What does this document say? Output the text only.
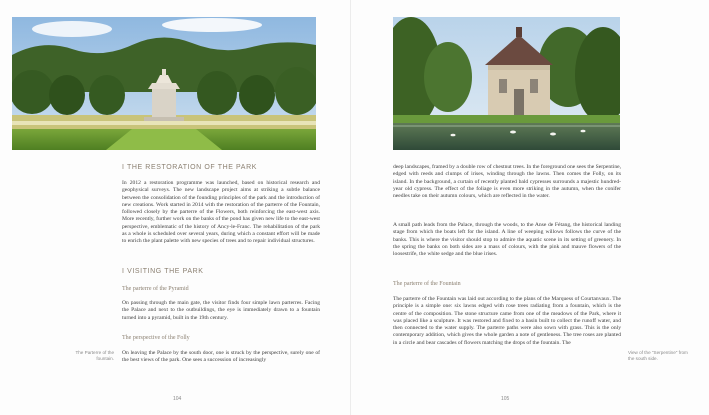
I THE RESTORATION OF THE PARK

In 2012 a restoration programme was launched, based on historical research and geophysical surveys. The new landscape project aims at striking a subtle balance between the consolidation of the founding principles of the park and the introduction of new creations. Work started in 2014 with the restoration of the parterre of the Fountain, followed closely by the parterre of the Flowers, both reinforcing the east-west axis. More recently, further work on the banks of the pond has given new life to the east-west perspective, emblematic of the history of Ancy-le-Franc. The rehabilitation of the park as a whole is scheduled over several years, during which a constant effort will be made to enrich the plant palette with new species of trees and to repair individual structures.

I VISITING THE PARK
The parterre of the Pyramid

On passing through the main gate, the visitor finds four simple lawn parterres. Facing the Palace and next to the outbuildings, the eye is immediately drawn to a fountain turned into a pyramid, built in the 19th century.

The perspective of the Folly

On leaving the Palace by the south door, one is struck by the perspective, surely one of the best views of the park. One sees a succession of increasingly

The Parterre of the fountain.
104

deep landscapes, framed by a double row of chestnut trees. In the foreground one sees the Serpentine, edged with reeds and clumps of irises, winding through the lawns. Then comes the Folly, on its island. In the background, a curtain of recently planted bald cypresses surrounds a majestic hundred-year old cypress. The effect of the foliage is even more striking in the autumn, when the conifer needles take on their autumn colours, which are reflected in the water.

A small path leads from the Palace, through the woods, to the Anse de Fétang, the historical landing stage from which the boats left for the island. A line of weeping willows follows the curve of the banks. This is where the visitor should stop to admire the aquatic scene in its setting of greenery. In the spring the banks on both sides are a mass of colours, with the pink and mauve flowers of the loosestrife, the white sedge and the blue irises.

The parterre of the Fountain

The parterre of the Fountain was laid out according to the plans of the Marquess of Courtanvaux. The principle is a simple one: six lawns edged with rose trees radiating from a fountain, which is the centre of the composition. The stone structure came from one of the meadows of the Park, where it was placed like a sculpture. It was restored and fixed to a basin built to collect the runoff water, and then connected to the water supply. The parterre paths were also sown with grass. This is the only contemporary addition, which gives the whole garden a note of gentleness. The tree roses are planted in a circle and bear cascades of flowers matching the drops of the fountain. The

View of the "Serpentine" from the south side.
105
